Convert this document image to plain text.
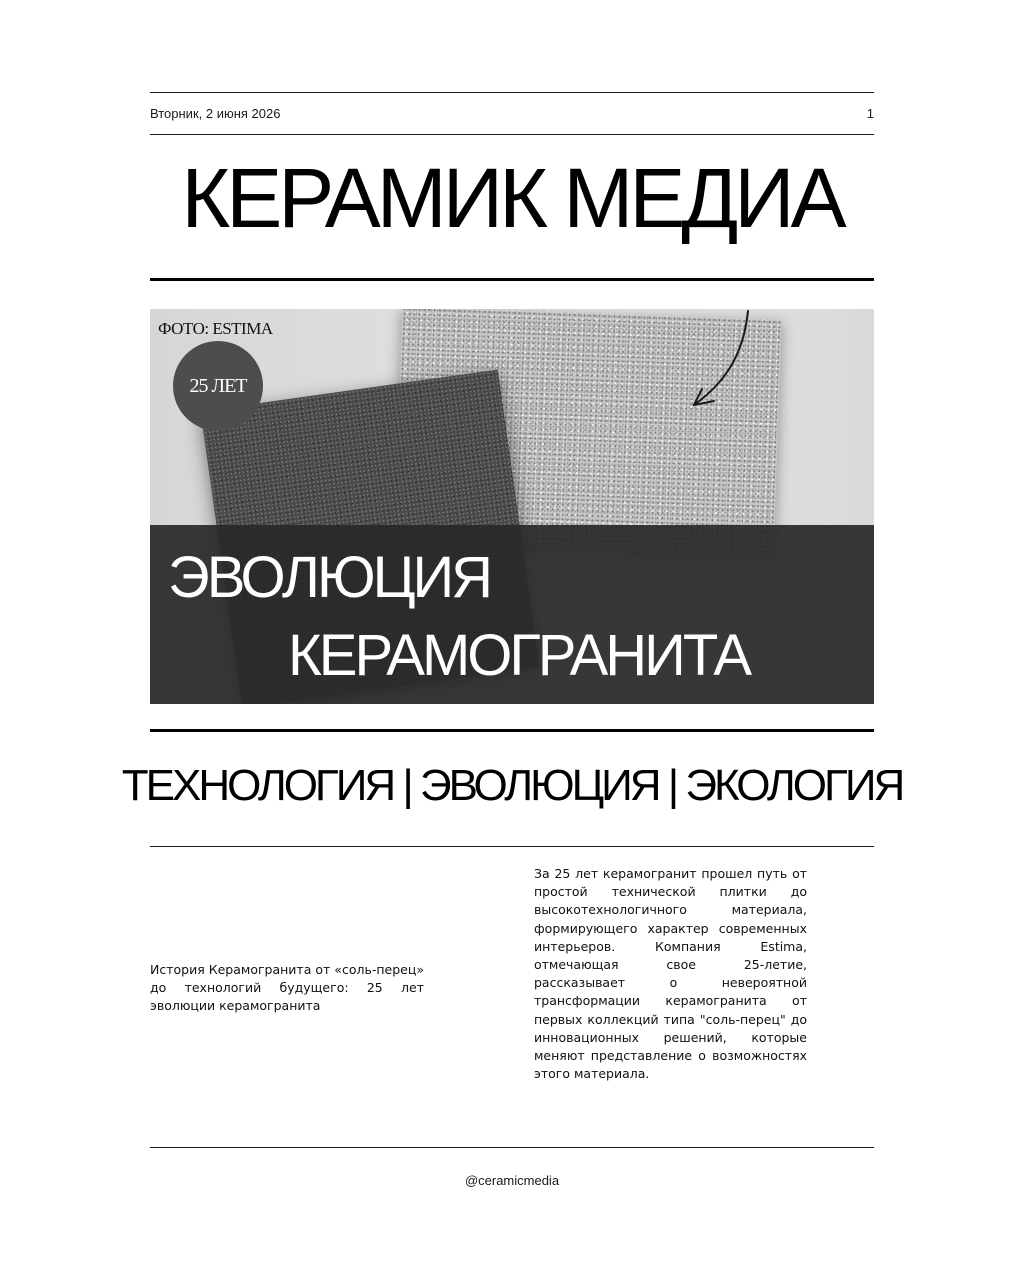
Вторник, 2 июня 2026	1
КЕРАМИК МЕДИА
ФОТО: ESTIMA
25 ЛЕТ
ЭВОЛЮЦИЯ
КЕРАМОГРАНИТА
ТЕХНОЛОГИЯ | ЭВОЛЮЦИЯ | ЭКОЛОГИЯ
История Керамогранита от «соль-перец» до технологий будущего: 25 лет эволюции керамогранита
За 25 лет керамогранит прошел путь от простой технической плитки до высокотехнологичного материала, формирующего характер современных интерьеров. Компания Estima, отмечающая свое 25-летие, рассказывает о невероятной трансформации керамогранита от первых коллекций типа "соль-перец" до инновационных решений, которые меняют представление о возможностях этого материала.
@ceramicmedia
